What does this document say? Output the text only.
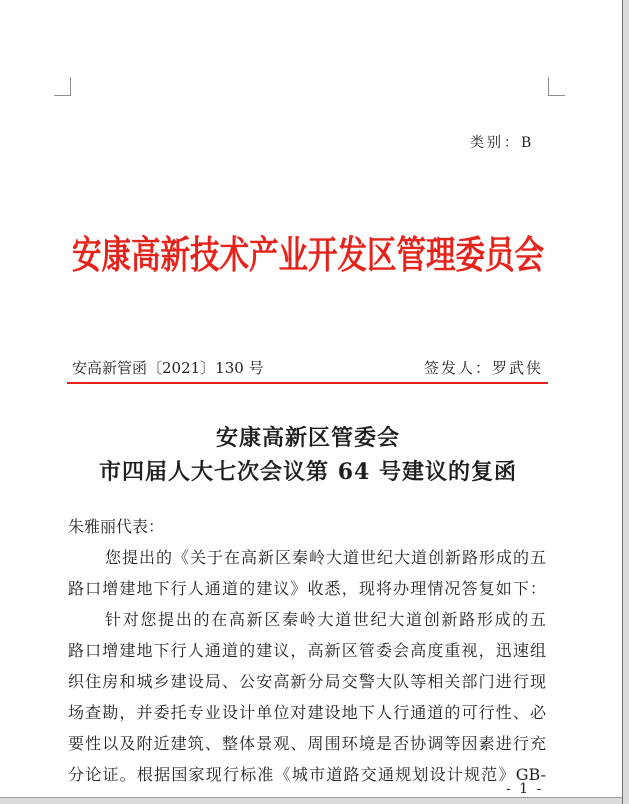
类别：B
安康高新技术产业开发区管理委员会
安高新管函〔2021〕130 号	签发人：罗武侠
安康高新区管委会
市四届人大七次会议第 64 号建议的复函
朱雅丽代表：
您提出的《关于在高新区秦岭大道世纪大道创新路形成的五
路口增建地下行人通道的建议》收悉，现将办理情况答复如下：
针对您提出的在高新区秦岭大道世纪大道创新路形成的五
路口增建地下行人通道的建议，高新区管委会高度重视，迅速组
织住房和城乡建设局、公安高新分局交警大队等相关部门进行现
场查勘，并委托专业设计单位对建设地下人行通道的可行性、必
要性以及附近建筑、整体景观、周围环境是否协调等因素进行充
分论证。根据国家现行标准《城市道路交通规划设计规范》GB-
- 1 -
